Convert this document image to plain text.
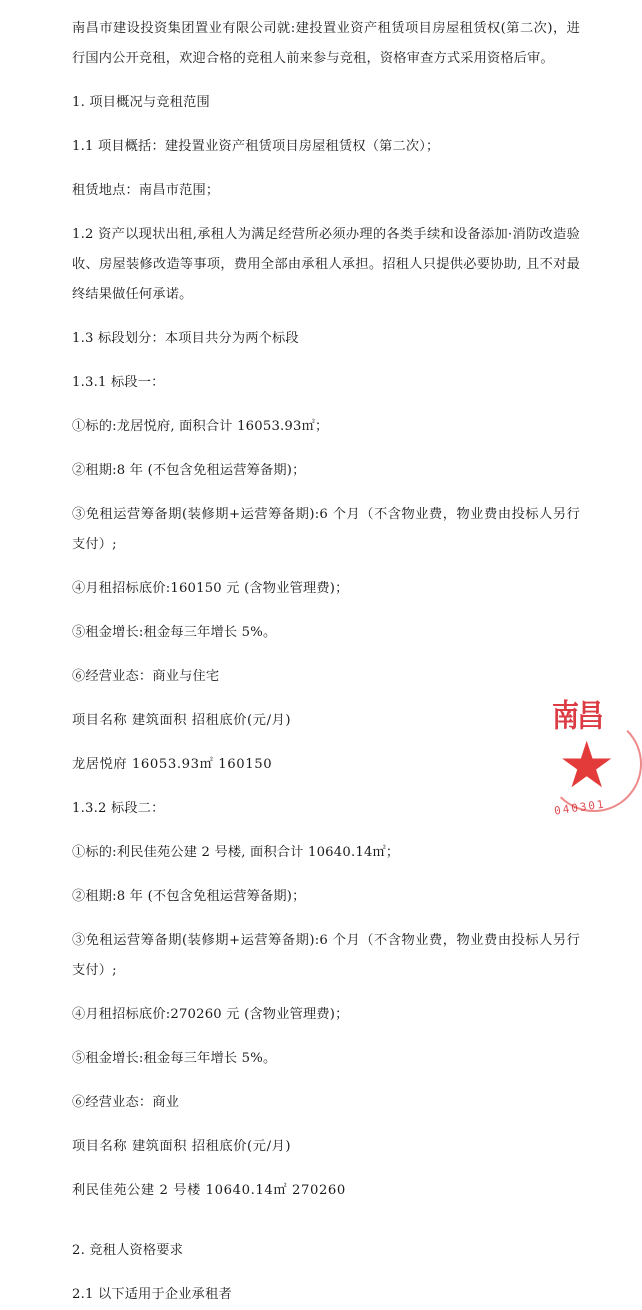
南昌市建设投资集团置业有限公司就:建投置业资产租赁项目房屋租赁权(第二次)，进行国内公开竞租，欢迎合格的竞租人前来参与竞租，资格审查方式采用资格后审。

1. 项目概况与竞租范围

1.1 项目概括：建投置业资产租赁项目房屋租赁权（第二次）；

租赁地点：南昌市范围；

1.2 资产以现状出租,承租人为满足经营所必须办理的各类手续和设备添加·消防改造验收、房屋装修改造等事项，费用全部由承租人承担。招租人只提供必要协助, 且不对最终结果做任何承诺。

1.3 标段划分：本项目共分为两个标段

1.3.1 标段一：

①标的:龙居悦府, 面积合计 16053.93㎡；

②租期:8 年 (不包含免租运营筹备期)；

③免租运营筹备期(装修期+运营筹备期):6 个月（不含物业费，物业费由投标人另行支付）;

④月租招标底价:160150 元 (含物业管理费)；

⑤租金增长:租金每三年增长 5%。

⑥经营业态：商业与住宅

项目名称 建筑面积 招租底价(元/月)

龙居悦府 16053.93㎡ 160150

1.3.2 标段二：

①标的:利民佳苑公建 2 号楼, 面积合计 10640.14㎡；

②租期:8 年 (不包含免租运营筹备期)；

③免租运营筹备期(装修期+运营筹备期):6 个月（不含物业费，物业费由投标人另行支付）;

④月租招标底价:270260 元 (含物业管理费)；

⑤租金增长:租金每三年增长 5%。

⑥经营业态：商业

项目名称 建筑面积 招租底价(元/月)

利民佳苑公建 2 号楼 10640.14㎡ 270260

2. 竞租人资格要求

2.1 以下适用于企业承租者

南昌
★
040301
